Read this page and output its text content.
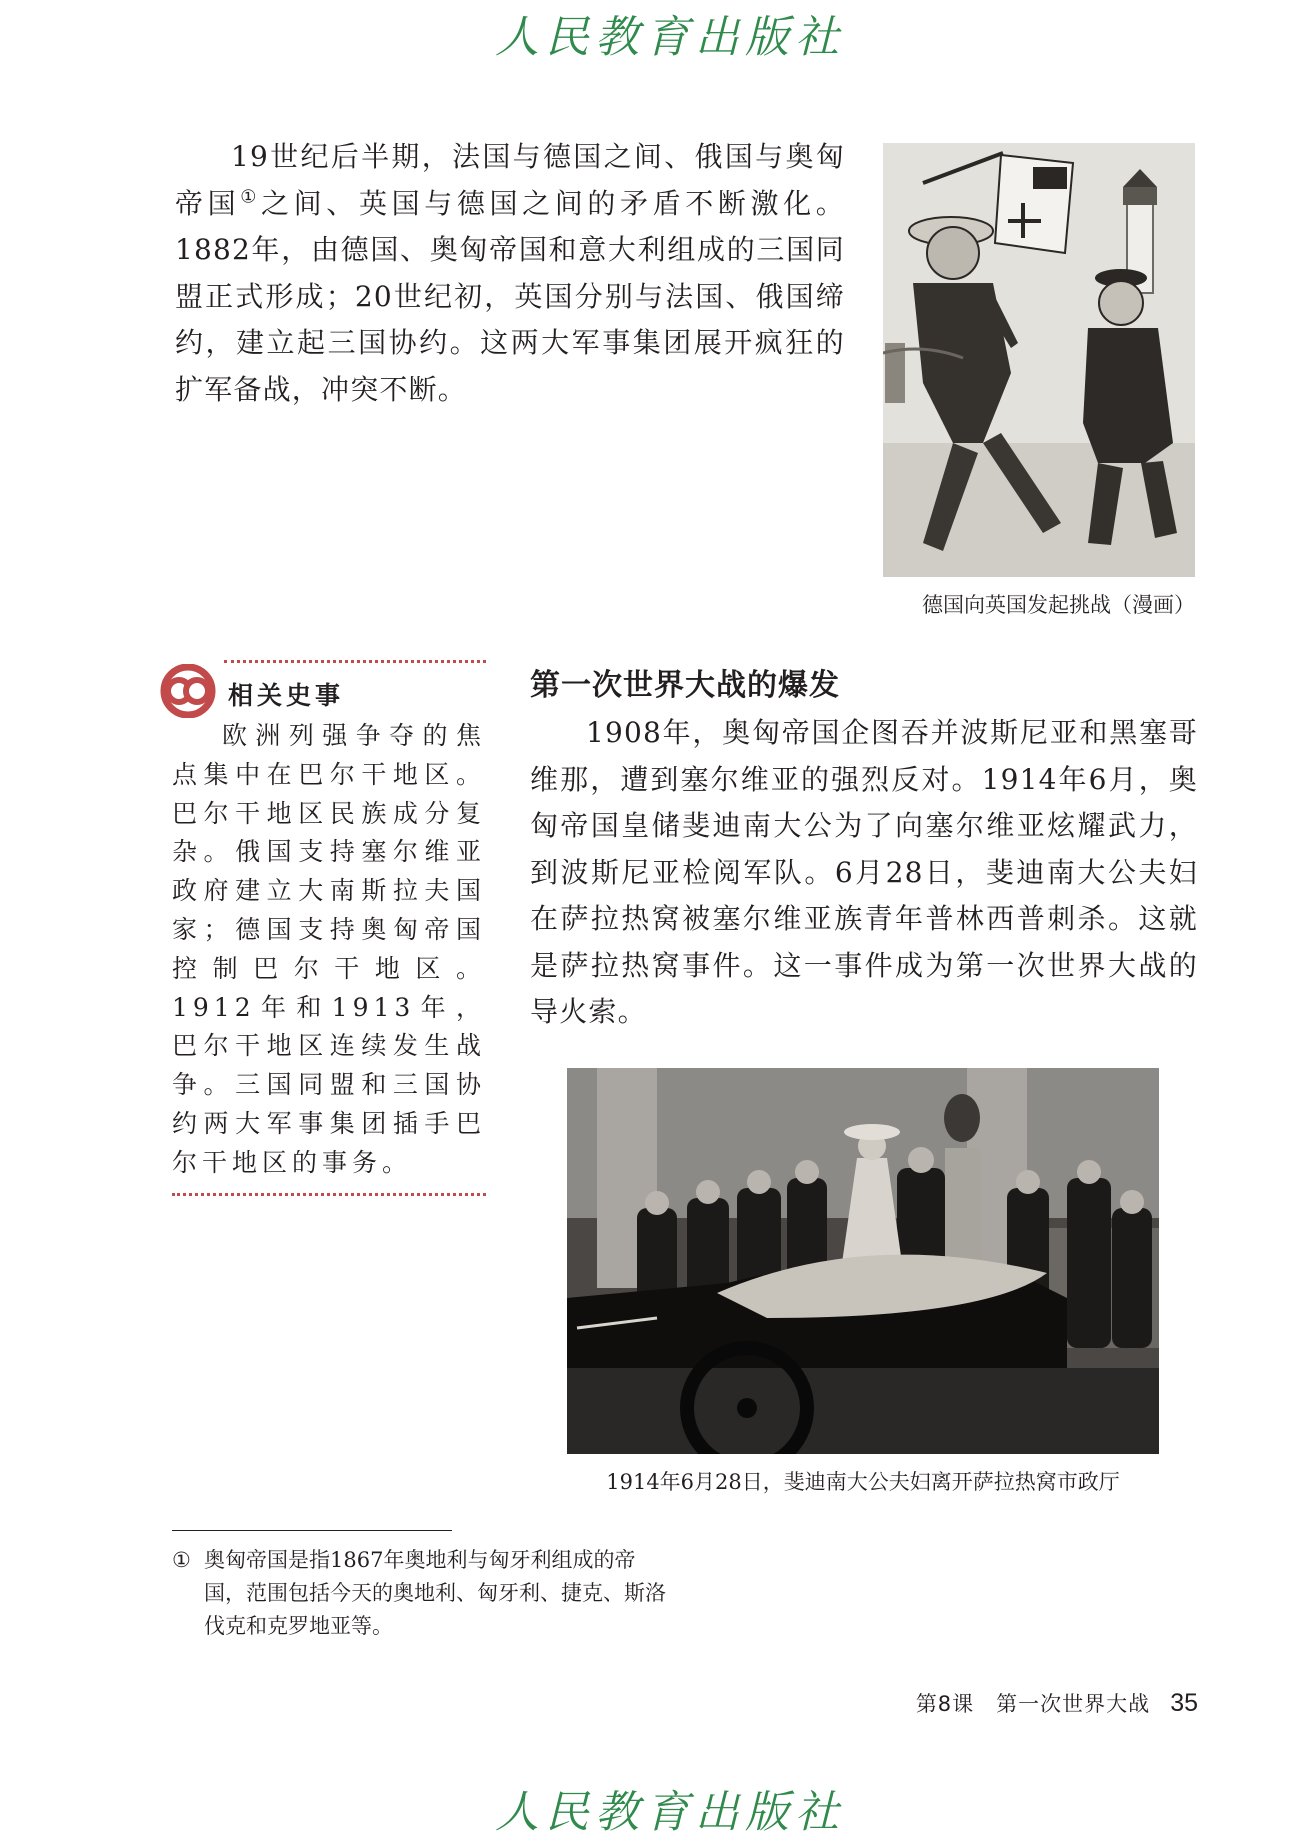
人民教育出版社

19世纪后半期，法国与德国之间、俄国与奥匈帝国①之间、英国与德国之间的矛盾不断激化。1882年，由德国、奥匈帝国和意大利组成的三国同盟正式形成；20世纪初，英国分别与法国、俄国缔约，建立起三国协约。这两大军事集团展开疯狂的扩军备战，冲突不断。

德国向英国发起挑战（漫画）
相关史事

欧洲列强争夺的焦点集中在巴尔干地区。巴尔干地区民族成分复杂。俄国支持塞尔维亚政府建立大南斯拉夫国家；德国支持奥匈帝国控制巴尔干地区。1912年和1913年，巴尔干地区连续发生战争。三国同盟和三国协约两大军事集团插手巴尔干地区的事务。

第一次世界大战的爆发

1908年，奥匈帝国企图吞并波斯尼亚和黑塞哥维那，遭到塞尔维亚的强烈反对。1914年6月，奥匈帝国皇储斐迪南大公为了向塞尔维亚炫耀武力，到波斯尼亚检阅军队。6月28日，斐迪南大公夫妇在萨拉热窝被塞尔维亚族青年普林西普刺杀。这就是萨拉热窝事件。这一事件成为第一次世界大战的导火索。

1914年6月28日，斐迪南大公夫妇离开萨拉热窝市政厅
① 奥匈帝国是指1867年奥地利与匈牙利组成的帝国，范围包括今天的奥地利、匈牙利、捷克、斯洛伐克和克罗地亚等。
第8课　第一次世界大战 35
人民教育出版社
